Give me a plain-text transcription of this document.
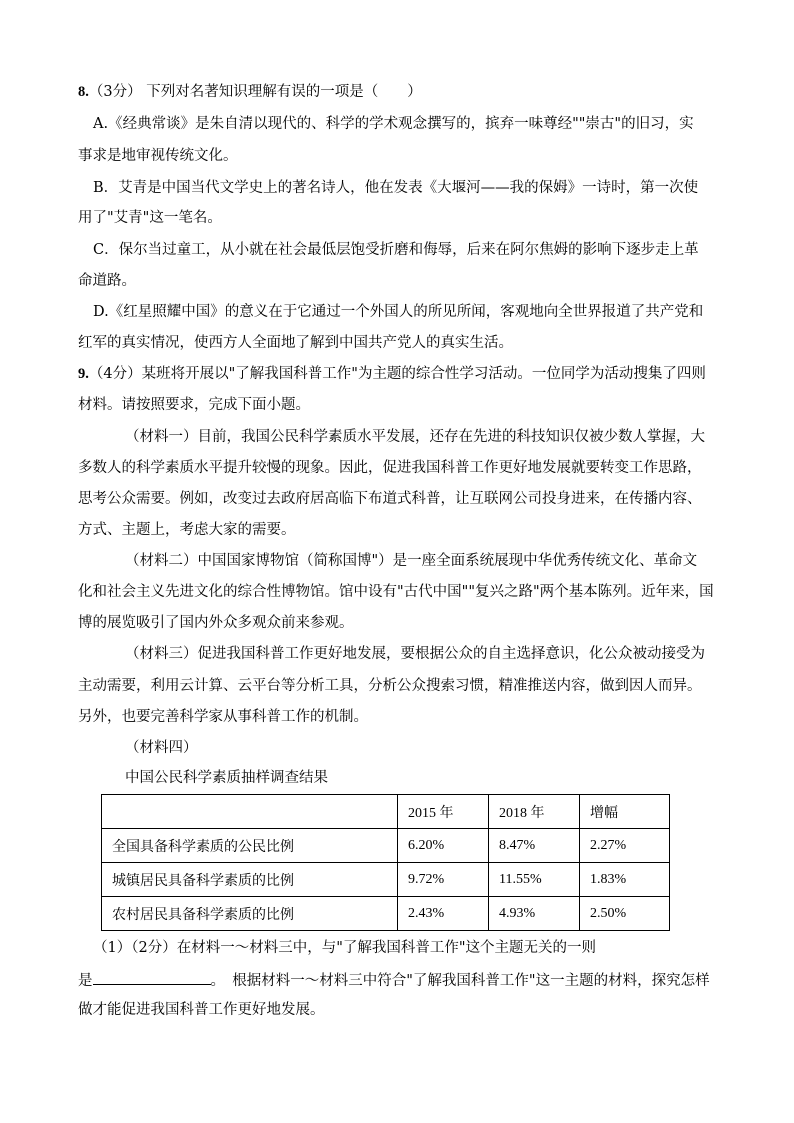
8.（3分） 下列对名著知识理解有误的一项是（　　）
A.《经典常谈》是朱自清以现代的、科学的学术观念撰写的，摈弃一味尊经""崇古"的旧习，实
事求是地审视传统文化。
B．艾青是中国当代文学史上的著名诗人，他在发表《大堰河——我的保姆》一诗时，第一次使
用了"艾青"这一笔名。
C．保尔当过童工，从小就在社会最低层饱受折磨和侮辱，后来在阿尔焦姆的影响下逐步走上革
命道路。
D.《红星照耀中国》的意义在于它通过一个外国人的所见所闻，客观地向全世界报道了共产党和
红军的真实情况，使西方人全面地了解到中国共产党人的真实生活。
9.（4分）某班将开展以"了解我国科普工作"为主题的综合性学习活动。一位同学为活动搜集了四则
材料。请按照要求，完成下面小题。
（材料一）目前，我国公民科学素质水平发展，还存在先进的科技知识仅被少数人掌握，大
多数人的科学素质水平提升较慢的现象。因此，促进我国科普工作更好地发展就要转变工作思路，
思考公众需要。例如，改变过去政府居高临下布道式科普，让互联网公司投身进来，在传播内容、
方式、主题上，考虑大家的需要。
（材料二）中国国家博物馆（简称国博"）是一座全面系统展现中华优秀传统文化、革命文
化和社会主义先进文化的综合性博物馆。馆中设有"古代中国""复兴之路"两个基本陈列。近年来，国
博的展览吸引了国内外众多观众前来参观。
（材料三）促进我国科普工作更好地发展，要根据公众的自主选择意识，化公众被动接受为
主动需要，利用云计算、云平台等分析工具，分析公众搜索习惯，精准推送内容，做到因人而异。
另外，也要完善科学家从事科普工作的机制。
（材料四）
中国公民科学素质抽样调查结果
	2015 年	2018 年	增幅
全国具备科学素质的公民比例	6.20%	8.47%	2.27%
城镇居民具备科学素质的比例	9.72%	11.55%	1.83%
农村居民具备科学素质的比例	2.43%	4.93%	2.50%
（1）（2分）在材料一～材料三中，与"了解我国科普工作"这个主题无关的一则
是	。　根据材料一～材料三中符合"了解我国科普工作"这一主题的材料，探究怎样
做才能促进我国科普工作更好地发展。
